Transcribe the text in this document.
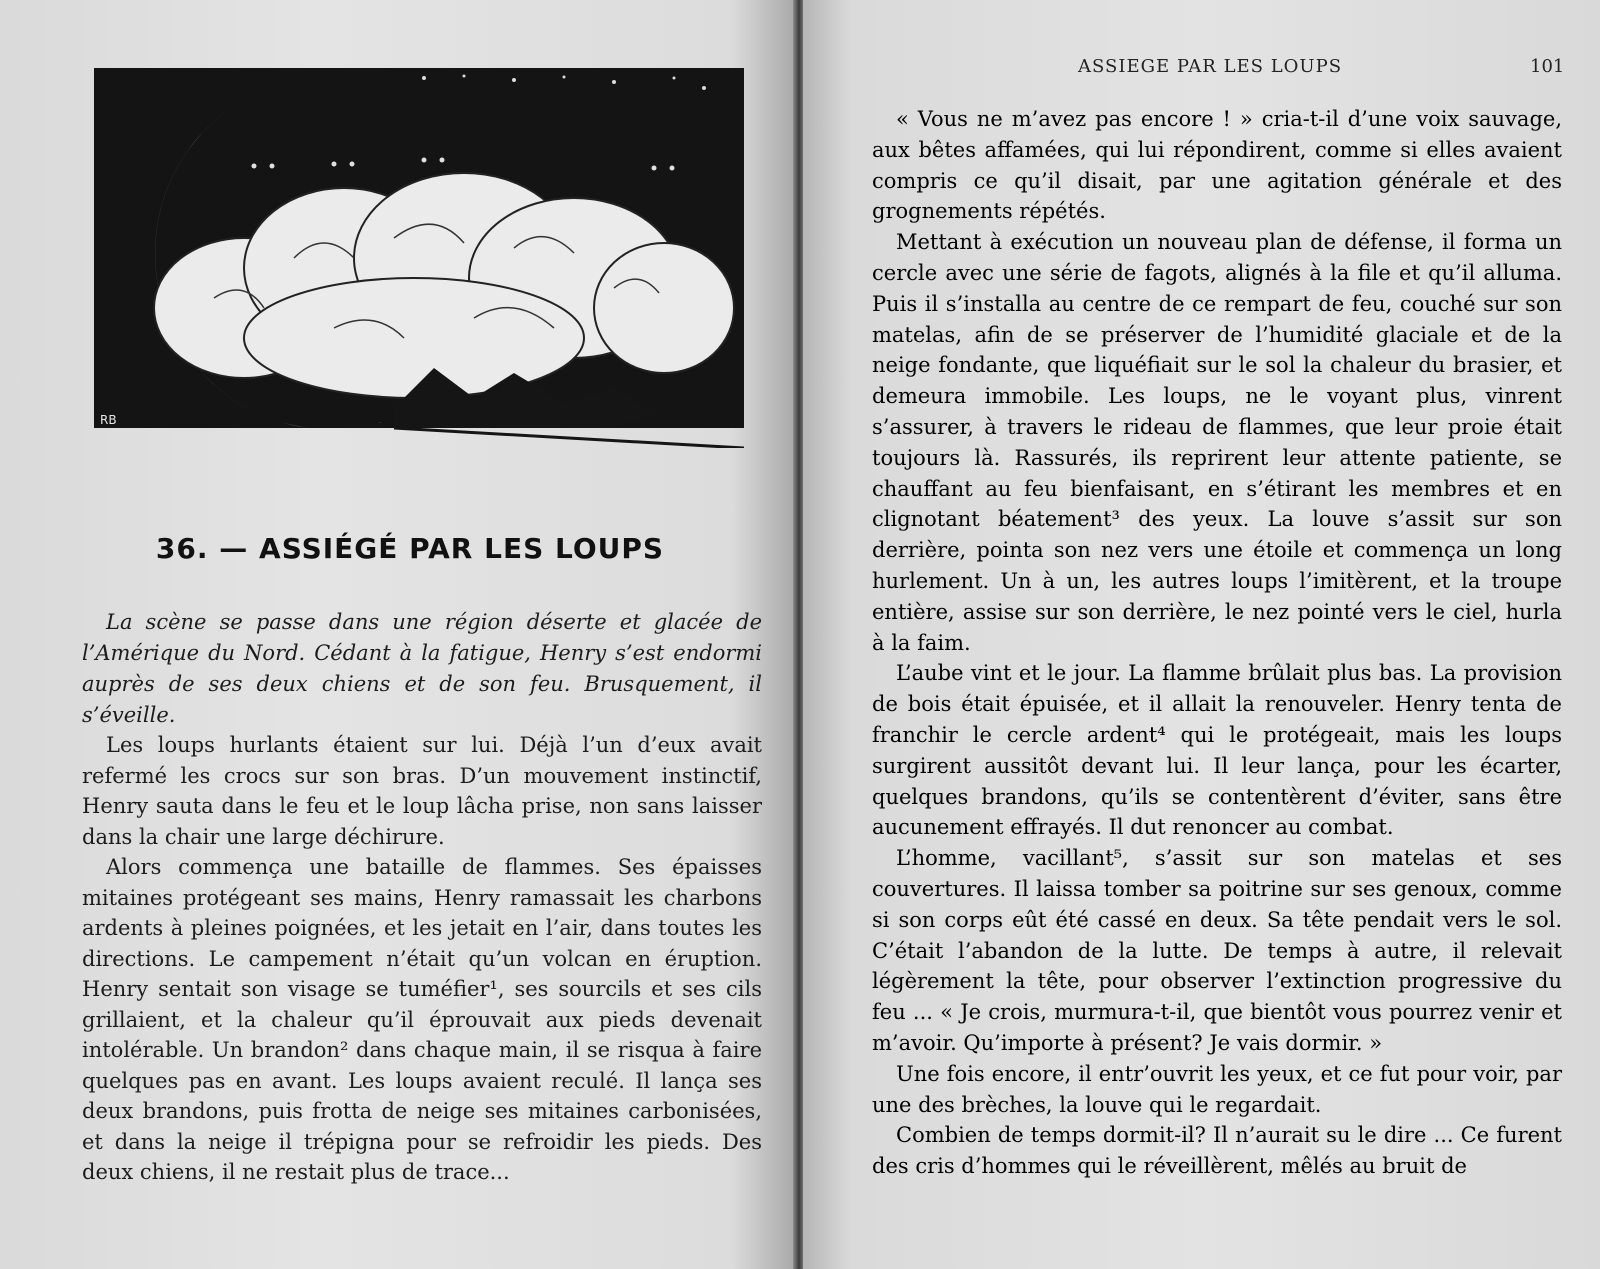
RB
36. — ASSIÉGÉ PAR LES LOUPS

La scène se passe dans une région déserte et glacée de l’Amérique du Nord. Cédant à la fatigue, Henry s’est endormi auprès de ses deux chiens et de son feu. Brusquement, il s’éveille.

Les loups hurlants étaient sur lui. Déjà l’un d’eux avait refermé les crocs sur son bras. D’un mouvement instinctif, Henry sauta dans le feu et le loup lâcha prise, non sans laisser dans la chair une large déchirure.

Alors commença une bataille de flammes. Ses épaisses mitaines protégeant ses mains, Henry ramassait les charbons ardents à pleines poignées, et les jetait en l’air, dans toutes les directions. Le campement n’était qu’un volcan en éruption. Henry sentait son visage se tuméfier¹, ses sourcils et ses cils grillaient, et la chaleur qu’il éprouvait aux pieds devenait intolérable. Un brandon² dans chaque main, il se risqua à faire quelques pas en avant. Les loups avaient reculé. Il lança ses deux brandons, puis frotta de neige ses mitaines carbonisées, et dans la neige il trépigna pour se refroidir les pieds. Des deux chiens, il ne restait plus de trace...

ASSIEGE PAR LES LOUPS	101

« Vous ne m’avez pas encore ! » cria-t-il d’une voix sauvage, aux bêtes affamées, qui lui répondirent, comme si elles avaient compris ce qu’il disait, par une agitation générale et des grognements répétés.

Mettant à exécution un nouveau plan de défense, il forma un cercle avec une série de fagots, alignés à la file et qu’il alluma. Puis il s’installa au centre de ce rempart de feu, couché sur son matelas, afin de se préserver de l’humidité glaciale et de la neige fondante, que liquéfiait sur le sol la chaleur du brasier, et demeura immobile. Les loups, ne le voyant plus, vinrent s’assurer, à travers le rideau de flammes, que leur proie était toujours là. Rassurés, ils reprirent leur attente patiente, se chauffant au feu bienfaisant, en s’étirant les membres et en clignotant béatement³ des yeux. La louve s’assit sur son derrière, pointa son nez vers une étoile et commença un long hurlement. Un à un, les autres loups l’imitèrent, et la troupe entière, assise sur son derrière, le nez pointé vers le ciel, hurla à la faim.

L’aube vint et le jour. La flamme brûlait plus bas. La provision de bois était épuisée, et il allait la renouveler. Henry tenta de franchir le cercle ardent⁴ qui le protégeait, mais les loups surgirent aussitôt devant lui. Il leur lança, pour les écarter, quelques brandons, qu’ils se contentèrent d’éviter, sans être aucunement effrayés. Il dut renoncer au combat.

L’homme, vacillant⁵, s’assit sur son matelas et ses couvertures. Il laissa tomber sa poitrine sur ses genoux, comme si son corps eût été cassé en deux. Sa tête pendait vers le sol. C’était l’abandon de la lutte. De temps à autre, il relevait légèrement la tête, pour observer l’extinction progressive du feu ... « Je crois, murmura-t-il, que bientôt vous pourrez venir et m’avoir. Qu’importe à présent? Je vais dormir. »

Une fois encore, il entr’ouvrit les yeux, et ce fut pour voir, par une des brèches, la louve qui le regardait.

Combien de temps dormit-il? Il n’aurait su le dire ... Ce furent des cris d’hommes qui le réveillèrent, mêlés au bruit de
